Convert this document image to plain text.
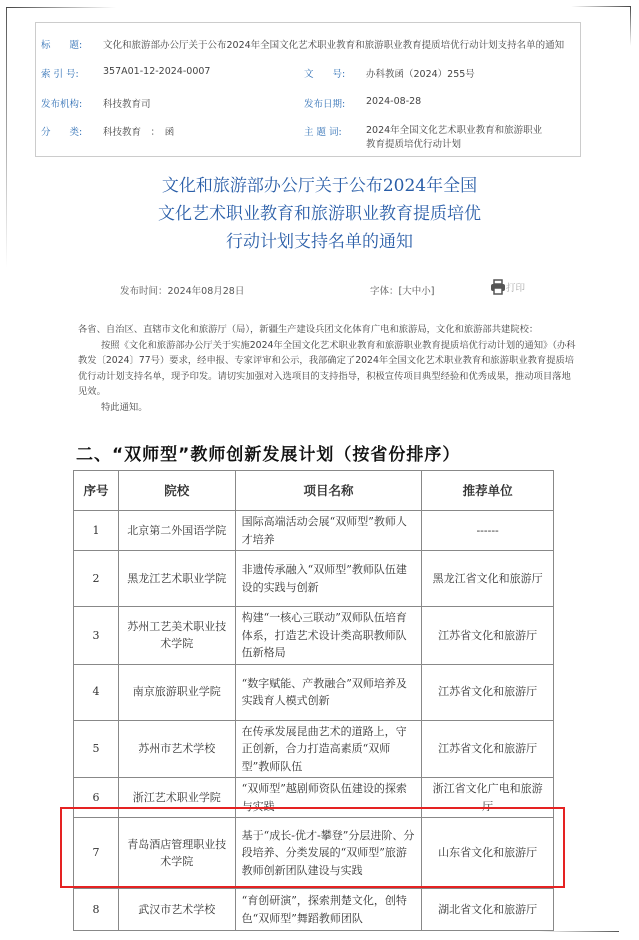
标　　题:	文化和旅游部办公厅关于公布2024年全国文化艺术职业教育和旅游职业教育提质培优行动计划支持名单的通知
索 引 号:	357A01-12-2024-0007	文　　号:	办科教函（2024）255号
发布机构:	科技教育司	发布日期:	2024-08-28
分　　类:	科技教育　：　函	主 题 词:	2024年全国文化艺术职业教育和旅游职业教育提质培优行动计划
文化和旅游部办公厅关于公布2024年全国
文化艺术职业教育和旅游职业教育提质培优
行动计划支持名单的通知
发布时间：2024年08月28日	字体：[大中小]	打印

各省、自治区、直辖市文化和旅游厅（局），新疆生产建设兵团文化体育广电和旅游局，文化和旅游部共建院校：

按照《文化和旅游部办公厅关于实施2024年全国文化艺术职业教育和旅游职业教育提质培优行动计划的通知》（办科教发〔2024〕77号）要求，经申报、专家评审和公示，我部确定了2024年全国文化艺术职业教育和旅游职业教育提质培优行动计划支持名单，现予印发。请切实加强对入选项目的支持指导，积极宣传项目典型经验和优秀成果，推动项目落地见效。

特此通知。

二、“双师型”教师创新发展计划（按省份排序）
序号	院校	项目名称	推荐单位
1	北京第二外国语学院	国际高端活动会展“双师型”教师人才培养	------
2	黑龙江艺术职业学院	非遗传承融入“双师型”教师队伍建设的实践与创新	黑龙江省文化和旅游厅
3	苏州工艺美术职业技术学院	构建“一核心三联动”双师队伍培育体系，打造艺术设计类高职教师队伍新格局	江苏省文化和旅游厅
4	南京旅游职业学院	“数字赋能、产教融合”双师培养及实践育人模式创新	江苏省文化和旅游厅
5	苏州市艺术学校	在传承发展昆曲艺术的道路上，守正创新，合力打造高素质“双师型”教师队伍	江苏省文化和旅游厅
6	浙江艺术职业学院	“双师型”越剧师资队伍建设的探索与实践	浙江省文化广电和旅游厅
7	青岛酒店管理职业技术学院	基于“成长-优才-攀登”分层进阶、分段培养、分类发展的“双师型”旅游教师创新团队建设与实践	山东省文化和旅游厅
8	武汉市艺术学校	“育创研演”，探索荆楚文化，创特色“双师型”舞蹈教师团队	湖北省文化和旅游厅
